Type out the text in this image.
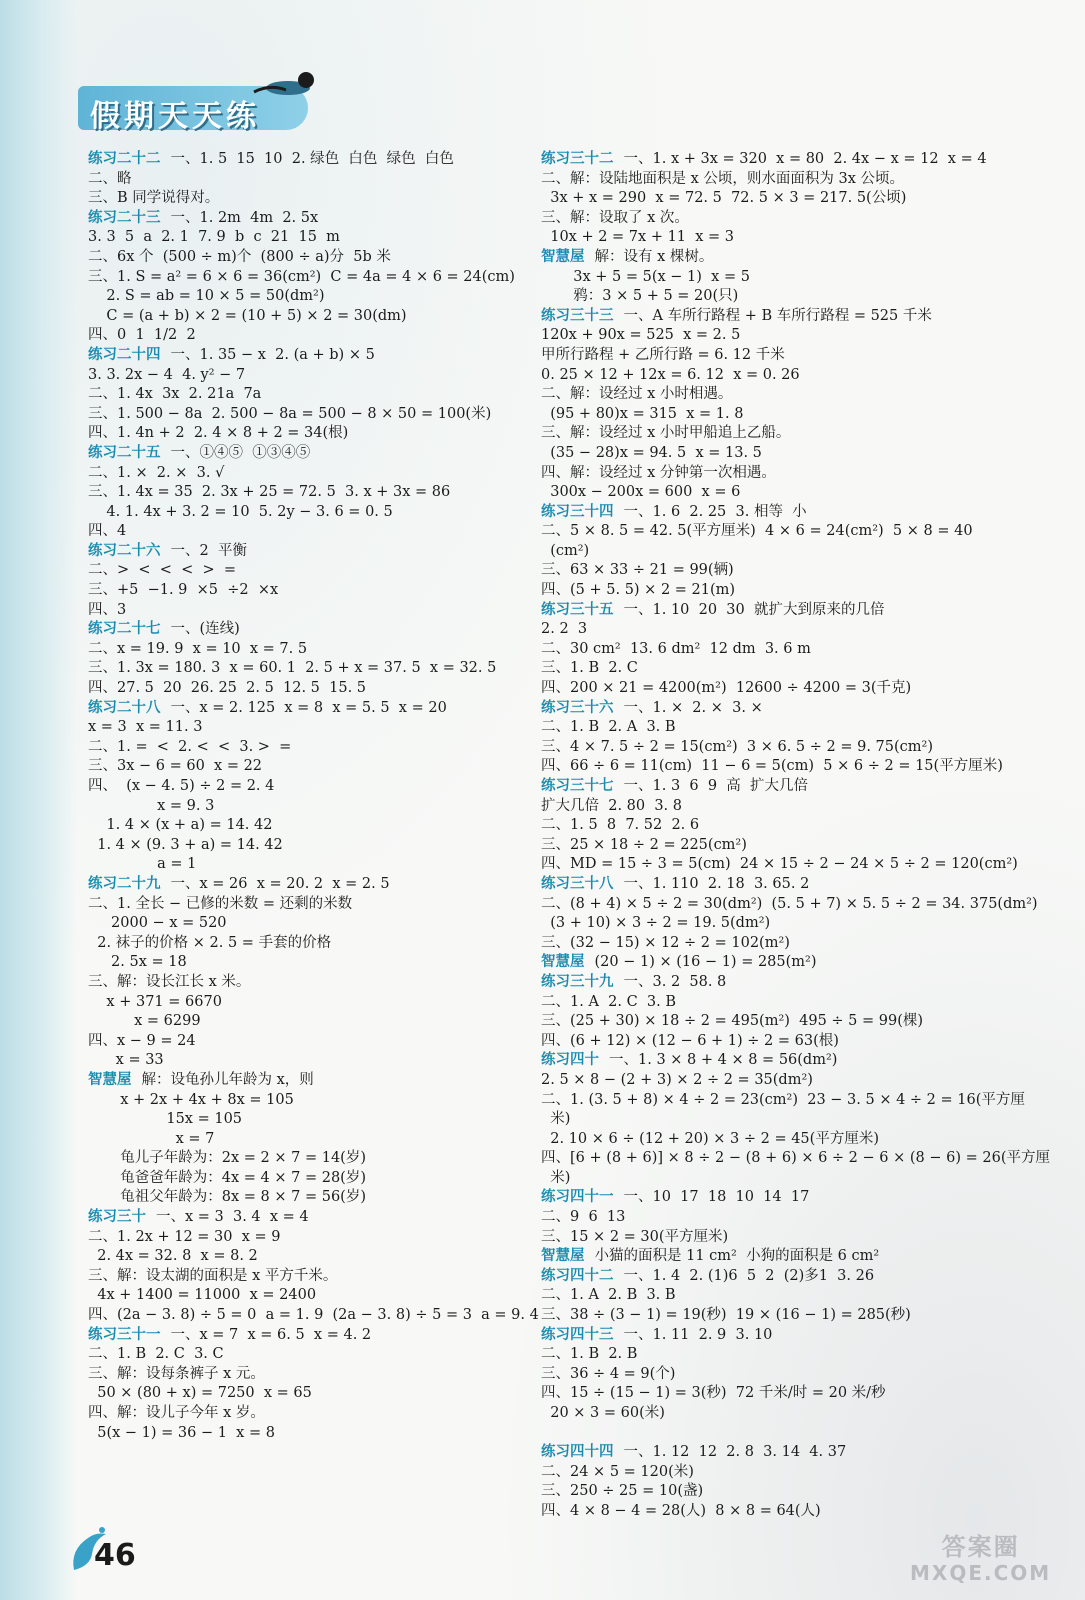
假期天天练
练习二十二 一、1. 5  15  10  2. 绿色  白色  绿色  白色
二、略
三、B 同学说得对。
练习二十三 一、1. 2m  4m  2. 5x
3. 3  5  a  2. 1  7. 9  b  c  21  15  m
二、6x 个  (500 ÷ m)个  (800 ÷ a)分  5b 米
三、1. S = a² = 6 × 6 = 36(cm²)  C = 4a = 4 × 6 = 24(cm)
2. S = ab = 10 × 5 = 50(dm²)
C = (a + b) × 2 = (10 + 5) × 2 = 30(dm)
四、0  1  1/2  2
练习二十四 一、1. 35 − x  2. (a + b) × 5
3. 3. 2x − 4  4. y² − 7
二、1. 4x  3x  2. 21a  7a
三、1. 500 − 8a  2. 500 − 8a = 500 − 8 × 50 = 100(米)
四、1. 4n + 2  2. 4 × 8 + 2 = 34(根)
练习二十五 一、①④⑤  ①③④⑤
二、1. ×  2. ×  3. √
三、1. 4x = 35  2. 3x + 25 = 72. 5  3. x + 3x = 86
4. 1. 4x + 3. 2 = 10  5. 2y − 3. 6 = 0. 5
四、4
练习二十六 一、2  平衡
二、>  <  <  <  >  =
三、+5  −1. 9  ×5  ÷2  ×x
四、3
练习二十七 一、(连线)
二、x = 19. 9  x = 10  x = 7. 5
三、1. 3x = 180. 3  x = 60. 1  2. 5 + x = 37. 5  x = 32. 5
四、27. 5  20  26. 25  2. 5  12. 5  15. 5
练习二十八 一、x = 2. 125  x = 8  x = 5. 5  x = 20
x = 3  x = 11. 3
二、1. =  <  2. <  <  3. >  =
三、3x − 6 = 60  x = 22
四、  (x − 4. 5) ÷ 2 = 2. 4
x = 9. 3
1. 4 × (x + a) = 14. 42
1. 4 × (9. 3 + a) = 14. 42
a = 1
练习二十九 一、x = 26  x = 20. 2  x = 2. 5
二、1. 全长 − 已修的米数 = 还剩的米数
2000 − x = 520
2. 袜子的价格 × 2. 5 = 手套的价格
2. 5x = 18
三、解：设长江长 x 米。
x + 371 = 6670
x = 6299
四、x − 9 = 24
x = 33
智慧屋 解：设龟孙儿年龄为 x，则
x + 2x + 4x + 8x = 105
15x = 105
x = 7
龟儿子年龄为：2x = 2 × 7 = 14(岁)
龟爸爸年龄为：4x = 4 × 7 = 28(岁)
龟祖父年龄为：8x = 8 × 7 = 56(岁)
练习三十 一、x = 3  3. 4  x = 4
二、1. 2x + 12 = 30  x = 9
2. 4x = 32. 8  x = 8. 2
三、解：设太湖的面积是 x 平方千米。
4x + 1400 = 11000  x = 2400
四、(2a − 3. 8) ÷ 5 = 0  a = 1. 9  (2a − 3. 8) ÷ 5 = 3  a = 9. 4
练习三十一 一、x = 7  x = 6. 5  x = 4. 2
二、1. B  2. C  3. C
三、解：设每条裤子 x 元。
50 × (80 + x) = 7250  x = 65
四、解：设儿子今年 x 岁。
5(x − 1) = 36 − 1  x = 8
练习三十二 一、1. x + 3x = 320  x = 80  2. 4x − x = 12  x = 4
二、解：设陆地面积是 x 公顷，则水面面积为 3x 公顷。
3x + x = 290  x = 72. 5  72. 5 × 3 = 217. 5(公顷)
三、解：设取了 x 次。
10x + 2 = 7x + 11  x = 3
智慧屋 解：设有 x 棵树。
3x + 5 = 5(x − 1)  x = 5
鸦：3 × 5 + 5 = 20(只)
练习三十三 一、A 车所行路程 + B 车所行路程 = 525 千米
120x + 90x = 525  x = 2. 5
甲所行路程 + 乙所行路 = 6. 12 千米
0. 25 × 12 + 12x = 6. 12  x = 0. 26
二、解：设经过 x 小时相遇。
(95 + 80)x = 315  x = 1. 8
三、解：设经过 x 小时甲船追上乙船。
(35 − 28)x = 94. 5  x = 13. 5
四、解：设经过 x 分钟第一次相遇。
300x − 200x = 600  x = 6
练习三十四 一、1. 6  2. 25  3. 相等  小
二、5 × 8. 5 = 42. 5(平方厘米)  4 × 6 = 24(cm²)  5 × 8 = 40
(cm²)
三、63 × 33 ÷ 21 = 99(辆)
四、(5 + 5. 5) × 2 = 21(m)
练习三十五 一、1. 10  20  30  就扩大到原来的几倍
2. 2  3
二、30 cm²  13. 6 dm²  12 dm  3. 6 m
三、1. B  2. C
四、200 × 21 = 4200(m²)  12600 ÷ 4200 = 3(千克)
练习三十六 一、1. ×  2. ×  3. ×
二、1. B  2. A  3. B
三、4 × 7. 5 ÷ 2 = 15(cm²)  3 × 6. 5 ÷ 2 = 9. 75(cm²)
四、66 ÷ 6 = 11(cm)  11 − 6 = 5(cm)  5 × 6 ÷ 2 = 15(平方厘米)
练习三十七 一、1. 3  6  9  高  扩大几倍
扩大几倍  2. 80  3. 8
二、1. 5  8  7. 52  2. 6
三、25 × 18 ÷ 2 = 225(cm²)
四、MD = 15 ÷ 3 = 5(cm)  24 × 15 ÷ 2 − 24 × 5 ÷ 2 = 120(cm²)
练习三十八 一、1. 110  2. 18  3. 65. 2
二、(8 + 4) × 5 ÷ 2 = 30(dm²)  (5. 5 + 7) × 5. 5 ÷ 2 = 34. 375(dm²)
(3 + 10) × 3 ÷ 2 = 19. 5(dm²)
三、(32 − 15) × 12 ÷ 2 = 102(m²)
智慧屋 (20 − 1) × (16 − 1) = 285(m²)
练习三十九 一、3. 2  58. 8
二、1. A  2. C  3. B
三、(25 + 30) × 18 ÷ 2 = 495(m²)  495 ÷ 5 = 99(棵)
四、(6 + 12) × (12 − 6 + 1) ÷ 2 = 63(根)
练习四十 一、1. 3 × 8 + 4 × 8 = 56(dm²)
2. 5 × 8 − (2 + 3) × 2 ÷ 2 = 35(dm²)
二、1. (3. 5 + 8) × 4 ÷ 2 = 23(cm²)  23 − 3. 5 × 4 ÷ 2 = 16(平方厘
米)
2. 10 × 6 ÷ (12 + 20) × 3 ÷ 2 = 45(平方厘米)
四、[6 + (8 + 6)] × 8 ÷ 2 − (8 + 6) × 6 ÷ 2 − 6 × (8 − 6) = 26(平方厘
米)
练习四十一 一、10  17  18  10  14  17
二、9  6  13
三、15 × 2 = 30(平方厘米)
智慧屋 小猫的面积是 11 cm²  小狗的面积是 6 cm²
练习四十二 一、1. 4  2. (1)6  5  2  (2)多1  3. 26
二、1. A  2. B  3. B
三、38 ÷ (3 − 1) = 19(秒)  19 × (16 − 1) = 285(秒)
练习四十三 一、1. 11  2. 9  3. 10
二、1. B  2. B
三、36 ÷ 4 = 9(个)
四、15 ÷ (15 − 1) = 3(秒)  72 千米/时 = 20 米/秒
20 × 3 = 60(米)
练习四十四 一、1. 12  12  2. 8  3. 14  4. 37
二、24 × 5 = 120(米)
三、250 ÷ 25 = 10(盏)
四、4 × 8 − 4 = 28(人)  8 × 8 = 64(人)
46	答案圈
MXQE.COM
